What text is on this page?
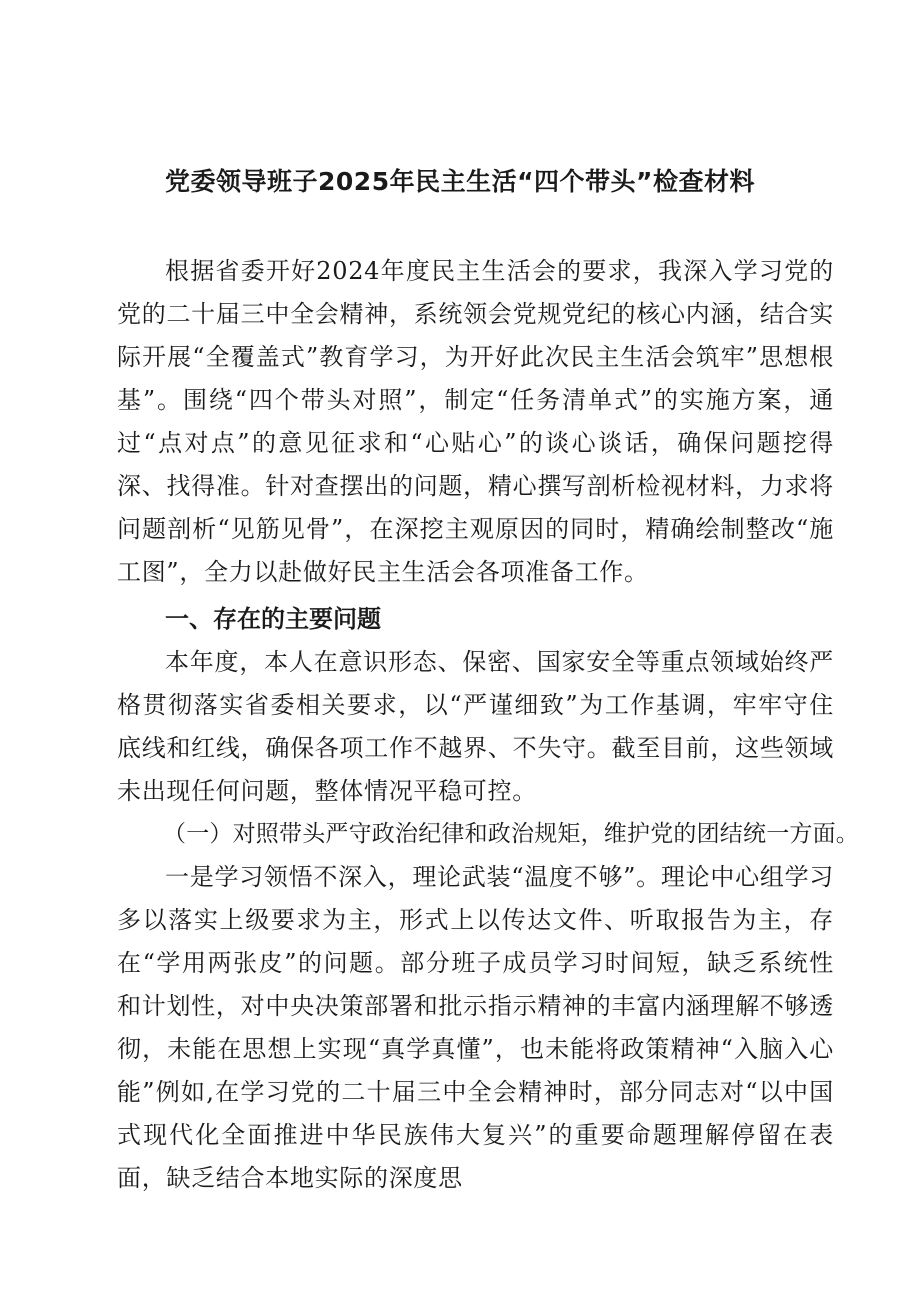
党委领导班子2025年民主生活“四个带头”检查材料

根据省委开好2024年度民主生活会的要求，我深入学习党的党的二十届三中全会精神，系统领会党规党纪的核心内涵，结合实际开展“全覆盖式”教育学习，为开好此次民主生活会筑牢”思想根基”。围绕“四个带头对照”，制定“任务清单式”的实施方案，通过“点对点”的意见征求和“心贴心”的谈心谈话，确保问题挖得深、找得准。针对查摆出的问题，精心撰写剖析检视材料，力求将问题剖析“见筋见骨”，在深挖主观原因的同时，精确绘制整改“施工图”，全力以赴做好民主生活会各项准备工作。

一、存在的主要问题

本年度，本人在意识形态、保密、国家安全等重点领域始终严格贯彻落实省委相关要求，以“严谨细致”为工作基调，牢牢守住底线和红线，确保各项工作不越界、不失守。截至目前，这些领域未出现任何问题，整体情况平稳可控。

（一）对照带头严守政治纪律和政治规矩，维护党的团结统一方面。

一是学习领悟不深入，理论武装“温度不够”。理论中心组学习多以落实上级要求为主，形式上以传达文件、听取报告为主，存在“学用两张皮”的问题。部分班子成员学习时间短，缺乏系统性和计划性，对中央决策部署和批示指示精神的丰富内涵理解不够透彻，未能在思想上实现“真学真懂”，也未能将政策精神“入脑入心能”例如,在学习党的二十届三中全会精神时，部分同志对“以中国式现代化全面推进中华民族伟大复兴”的重要命题理解停留在表面，缺乏结合本地实际的深度思
